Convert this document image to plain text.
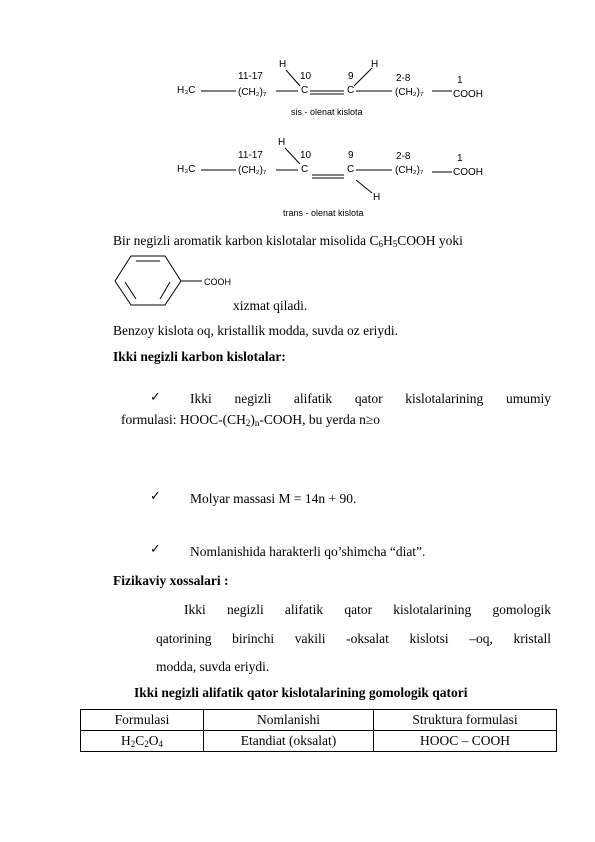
H₃C
11-17
(CH₂)₇
H
10
C
9
C
H
2-8
(CH₂)₇
1
COOH
sis - olenat kislota
H₃C
11-17
(CH₂)₇
H
10
C
9
C
2-8
(CH₂)₇
1
COOH
H
trans - olenat kislota
Bir negizli aromatik karbon kislotalar misolida $C_6H_5COOH$ yoki
COOH
xizmat qiladi.
Benzoy kislota oq, kristallik modda, suvda oz eriydi.
Ikki negizli karbon kislotalar:
✓ Ikki negizli alifatik qator kislotalarining umumiy
formulasi: HOOC-$(CH_2)_n$-COOH, bu yerda n≥o
✓ Molyar massasi M = 14n + 90.
✓ Nomlanishida harakterli qo’shimcha “diat”.
Fizikaviy xossalari :
Ikki negizli alifatik qator kislotalarining gomologik
qatorining birinchi vakili -oksalat kislotsi –oq, kristall
modda, suvda eriydi.
Ikki negizli alifatik qator kislotalarining gomologik qatori
Formulasi	Nomlanishi	Struktura formulasi
$H_2C_2O_4$	Etandiat (oksalat)	HOOC – COOH
